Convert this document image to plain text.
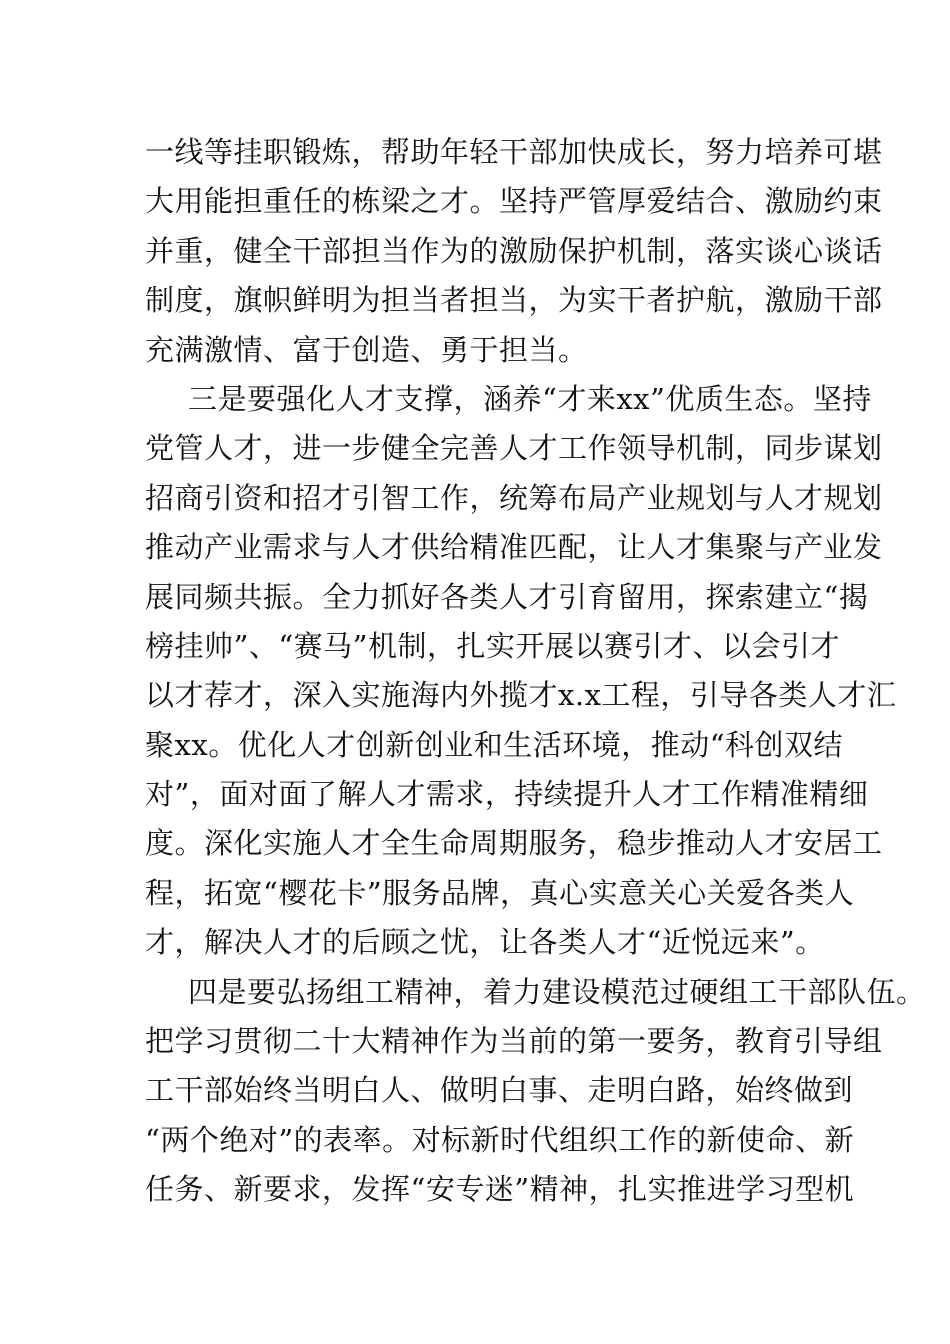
一线等挂职锻炼，帮助年轻干部加快成长，努力培养可堪
大用能担重任的栋梁之才。坚持严管厚爱结合、激励约束
并重，健全干部担当作为的激励保护机制，落实谈心谈话
制度，旗帜鲜明为担当者担当，为实干者护航，激励干部
充满激情、富于创造、勇于担当。
三是要强化人才支撑，涵养“才来xx”优质生态。坚持
党管人才，进一步健全完善人才工作领导机制，同步谋划
招商引资和招才引智工作，统筹布局产业规划与人才规划
推动产业需求与人才供给精准匹配，让人才集聚与产业发
展同频共振。全力抓好各类人才引育留用，探索建立“揭
榜挂帅”、“赛马”机制，扎实开展以赛引才、以会引才
以才荐才，深入实施海内外揽才x.x工程，引导各类人才汇
聚xx。优化人才创新创业和生活环境，推动“科创双结
对”，面对面了解人才需求，持续提升人才工作精准精细
度。深化实施人才全生命周期服务，稳步推动人才安居工
程，拓宽“樱花卡”服务品牌，真心实意关心关爱各类人
才，解决人才的后顾之忧，让各类人才“近悦远来”。
四是要弘扬组工精神，着力建设模范过硬组工干部队伍。
把学习贯彻二十大精神作为当前的第一要务，教育引导组
工干部始终当明白人、做明白事、走明白路，始终做到
“两个绝对”的表率。对标新时代组织工作的新使命、新
任务、新要求，发挥“安专迷”精神，扎实推进学习型机
